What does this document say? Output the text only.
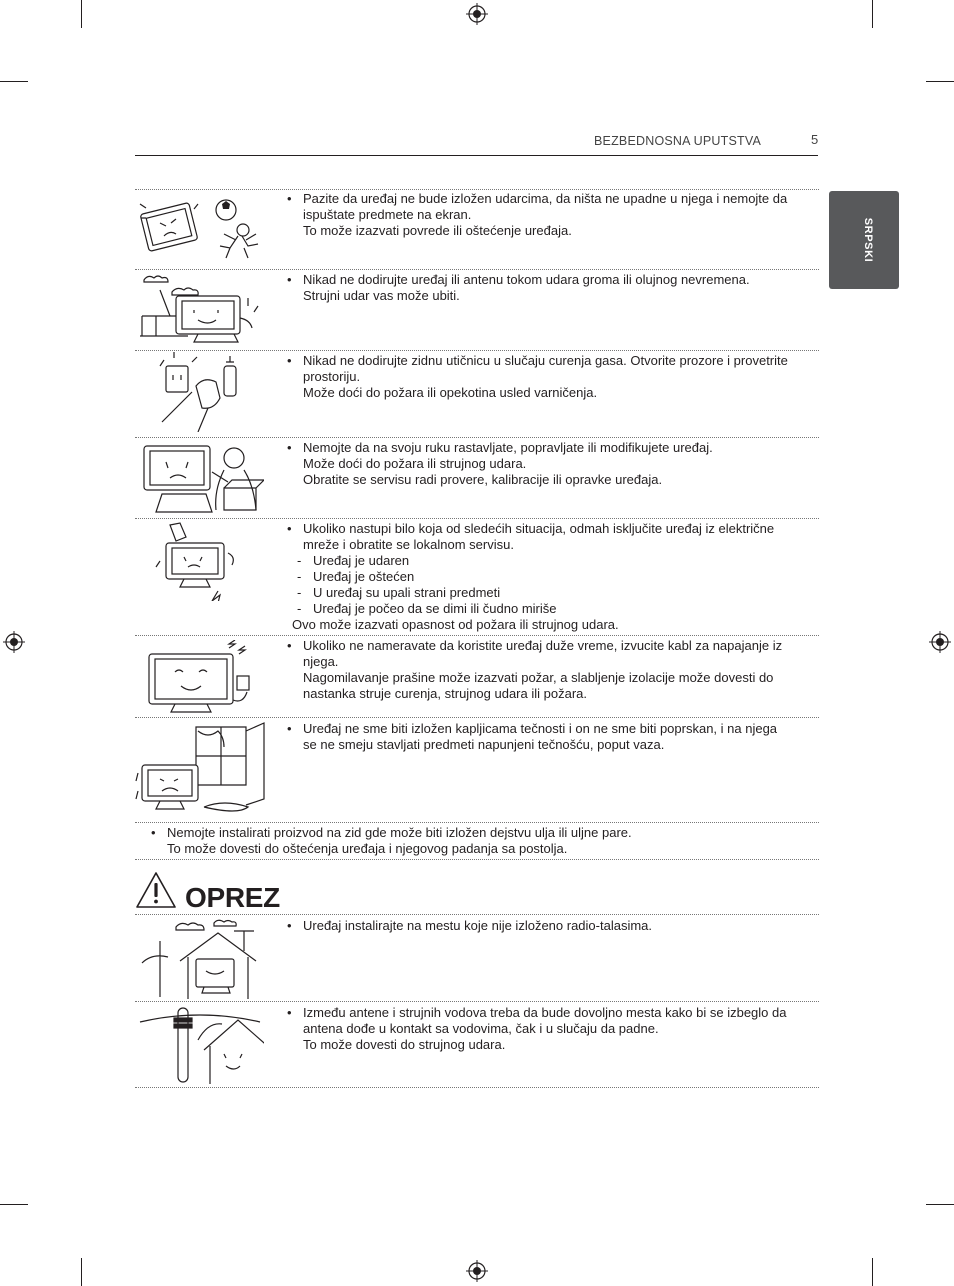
BEZBEDNOSNA UPUTSTVA	5
SRPSKI
• Pazite da uređaj ne bude izložen udarcima, da ništa ne upadne u njega i nemojte da
ispuštate predmete na ekran.
To može izazvati povrede ili oštećenje uređaja.
• Nikad ne dodirujte uređaj ili antenu tokom udara groma ili olujnog nevremena.
Strujni udar vas može ubiti.
• Nikad ne dodirujte zidnu utičnicu u slučaju curenja gasa. Otvorite prozore i provetrite
prostoriju.
Može doći do požara ili opekotina usled varničenja.
• Nemojte da na svoju ruku rastavljate, popravljate ili modifikujete uređaj.
Može doći do požara ili strujnog udara.
Obratite se servisu radi provere, kalibracije ili opravke uređaja.
• Ukoliko nastupi bilo koja od sledećih situacija, odmah isključite uređaj iz električne
mreže i obratite se lokalnom servisu.
- Uređaj je udaren
- Uređaj je oštećen
- U uređaj su upali strani predmeti
- Uređaj je počeo da se dimi ili čudno miriše
Ovo može izazvati opasnost od požara ili strujnog udara.
• Ukoliko ne nameravate da koristite uređaj duže vreme, izvucite kabl za napajanje iz
njega.
Nagomilavanje prašine može izazvati požar, a slabljenje izolacije može dovesti do
nastanka struje curenja, strujnog udara ili požara.
• Uređaj ne sme biti izložen kapljicama tečnosti i on ne sme biti poprskan, i na njega
se ne smeju stavljati predmeti napunjeni tečnošću, poput vaza.
• Nemojte instalirati proizvod na zid gde može biti izložen dejstvu ulja ili uljne pare.
To može dovesti do oštećenja uređaja i njegovog padanja sa postolja.
OPREZ
• Uređaj instalirajte na mestu koje nije izloženo radio-talasima.
• Između antene i strujnih vodova treba da bude dovoljno mesta kako bi se izbeglo da
antena dođe u kontakt sa vodovima, čak i u slučaju da padne.
To može dovesti do strujnog udara.
